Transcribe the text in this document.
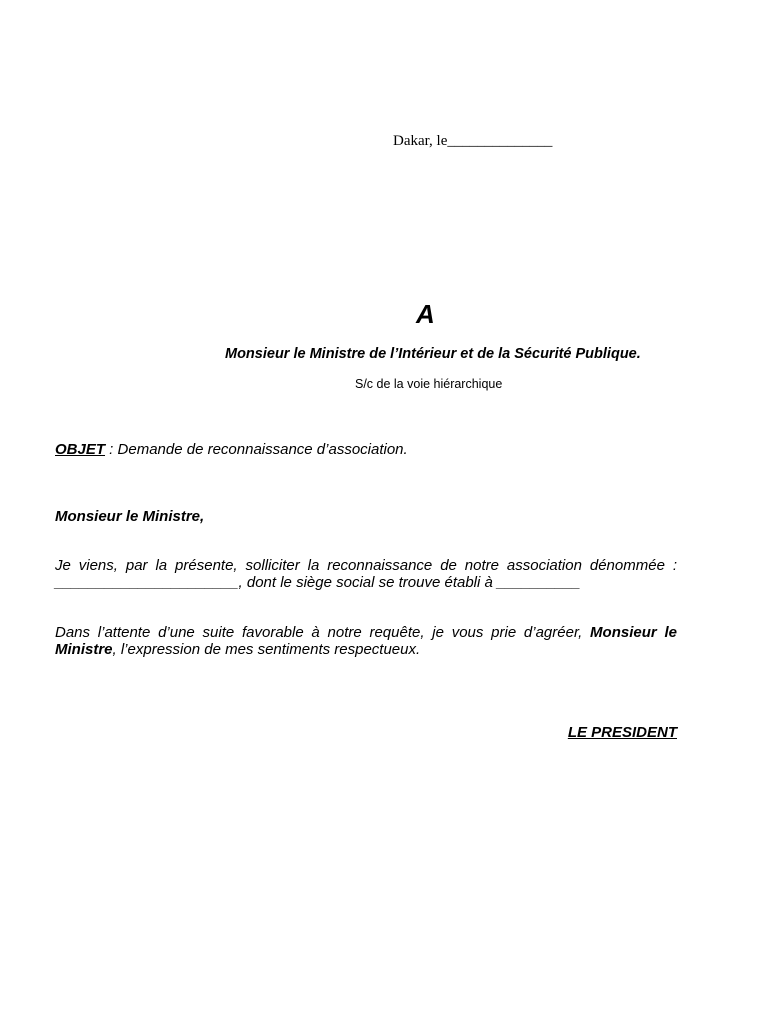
Dakar, le______________
A
Monsieur le Ministre de l’Intérieur et de la Sécurité Publique.
S/c de la voie hiérarchique
OBJET : Demande de reconnaissance d’association.
Monsieur le Ministre,
Je viens, par la présente, solliciter la reconnaissance de notre association dénommée :
______________________, dont le siège social se trouve établi à __________
Dans l’attente d’une suite favorable à notre requête, je vous prie d’agréer, Monsieur le
Ministre, l’expression de mes sentiments respectueux.
LE PRESIDENT
